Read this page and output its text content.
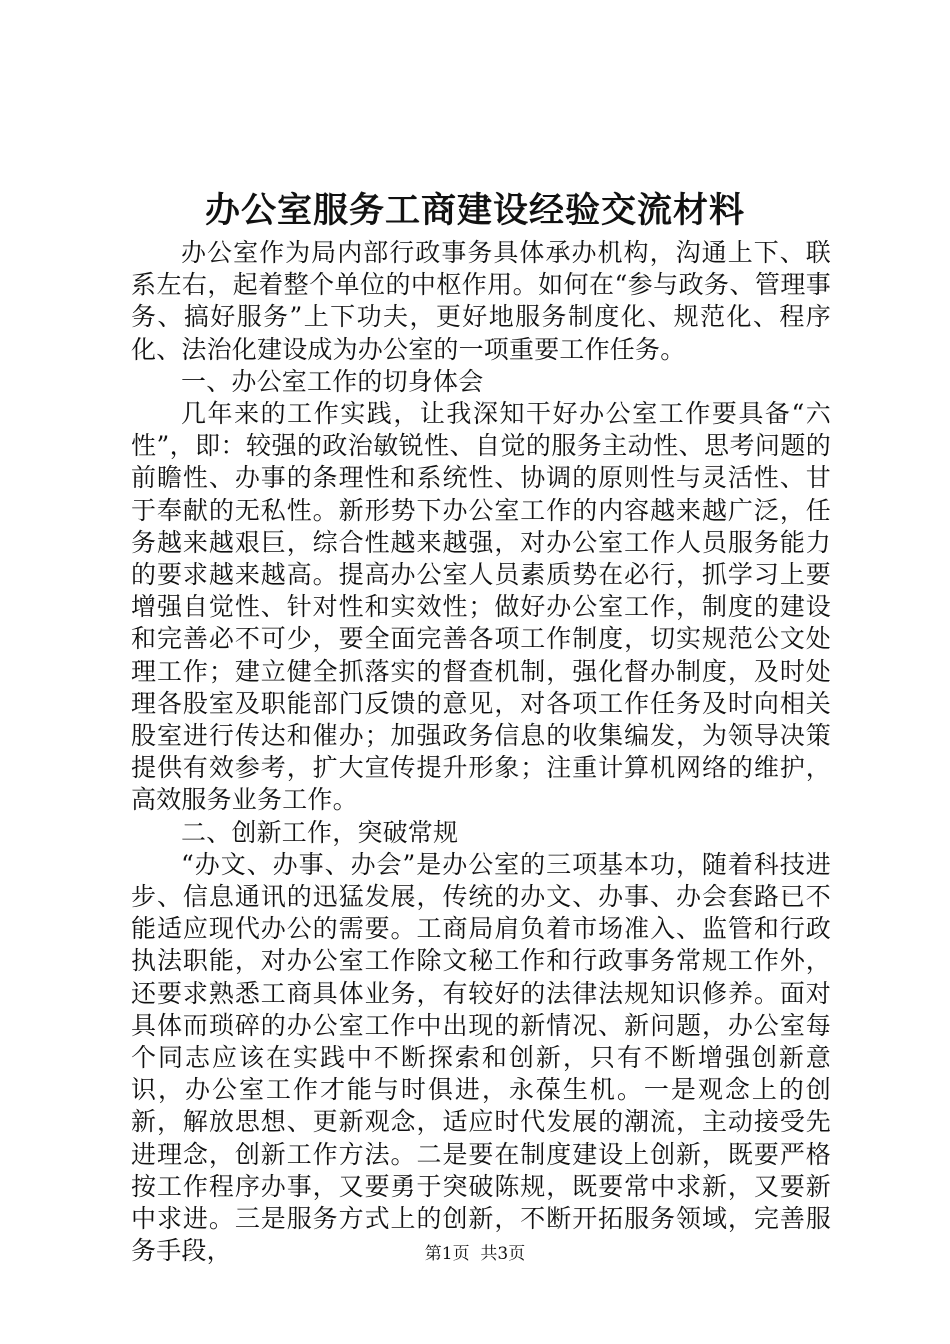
办公室服务工商建设经验交流材料

办公室作为局内部行政事务具体承办机构，沟通上下、联系左右，起着整个单位的中枢作用。如何在“参与政务、管理事务、搞好服务”上下功夫，更好地服务制度化、规范化、程序化、法治化建设成为办公室的一项重要工作任务。

一、办公室工作的切身体会

几年来的工作实践，让我深知干好办公室工作要具备“六性”，即：较强的政治敏锐性、自觉的服务主动性、思考问题的前瞻性、办事的条理性和系统性、协调的原则性与灵活性、甘于奉献的无私性。新形势下办公室工作的内容越来越广泛，任务越来越艰巨，综合性越来越强，对办公室工作人员服务能力的要求越来越高。提高办公室人员素质势在必行，抓学习上要增强自觉性、针对性和实效性；做好办公室工作，制度的建设和完善必不可少，要全面完善各项工作制度，切实规范公文处理工作；建立健全抓落实的督查机制，强化督办制度，及时处理各股室及职能部门反馈的意见，对各项工作任务及时向相关股室进行传达和催办；加强政务信息的收集编发，为领导决策提供有效参考，扩大宣传提升形象；注重计算机网络的维护，高效服务业务工作。

二、创新工作，突破常规

“办文、办事、办会”是办公室的三项基本功，随着科技进步、信息通讯的迅猛发展，传统的办文、办事、办会套路已不能适应现代办公的需要。工商局肩负着市场准入、监管和行政执法职能，对办公室工作除文秘工作和行政事务常规工作外，还要求熟悉工商具体业务，有较好的法律法规知识修养。面对具体而琐碎的办公室工作中出现的新情况、新问题，办公室每个同志应该在实践中不断探索和创新，只有不断增强创新意识，办公室工作才能与时俱进，永葆生机。一是观念上的创新，解放思想、更新观念，适应时代发展的潮流，主动接受先进理念，创新工作方法。二是要在制度建设上创新，既要严格按工作程序办事，又要勇于突破陈规，既要常中求新，又要新中求进。三是服务方式上的创新，不断开拓服务领域，完善服务手段，	第1页 共3页
